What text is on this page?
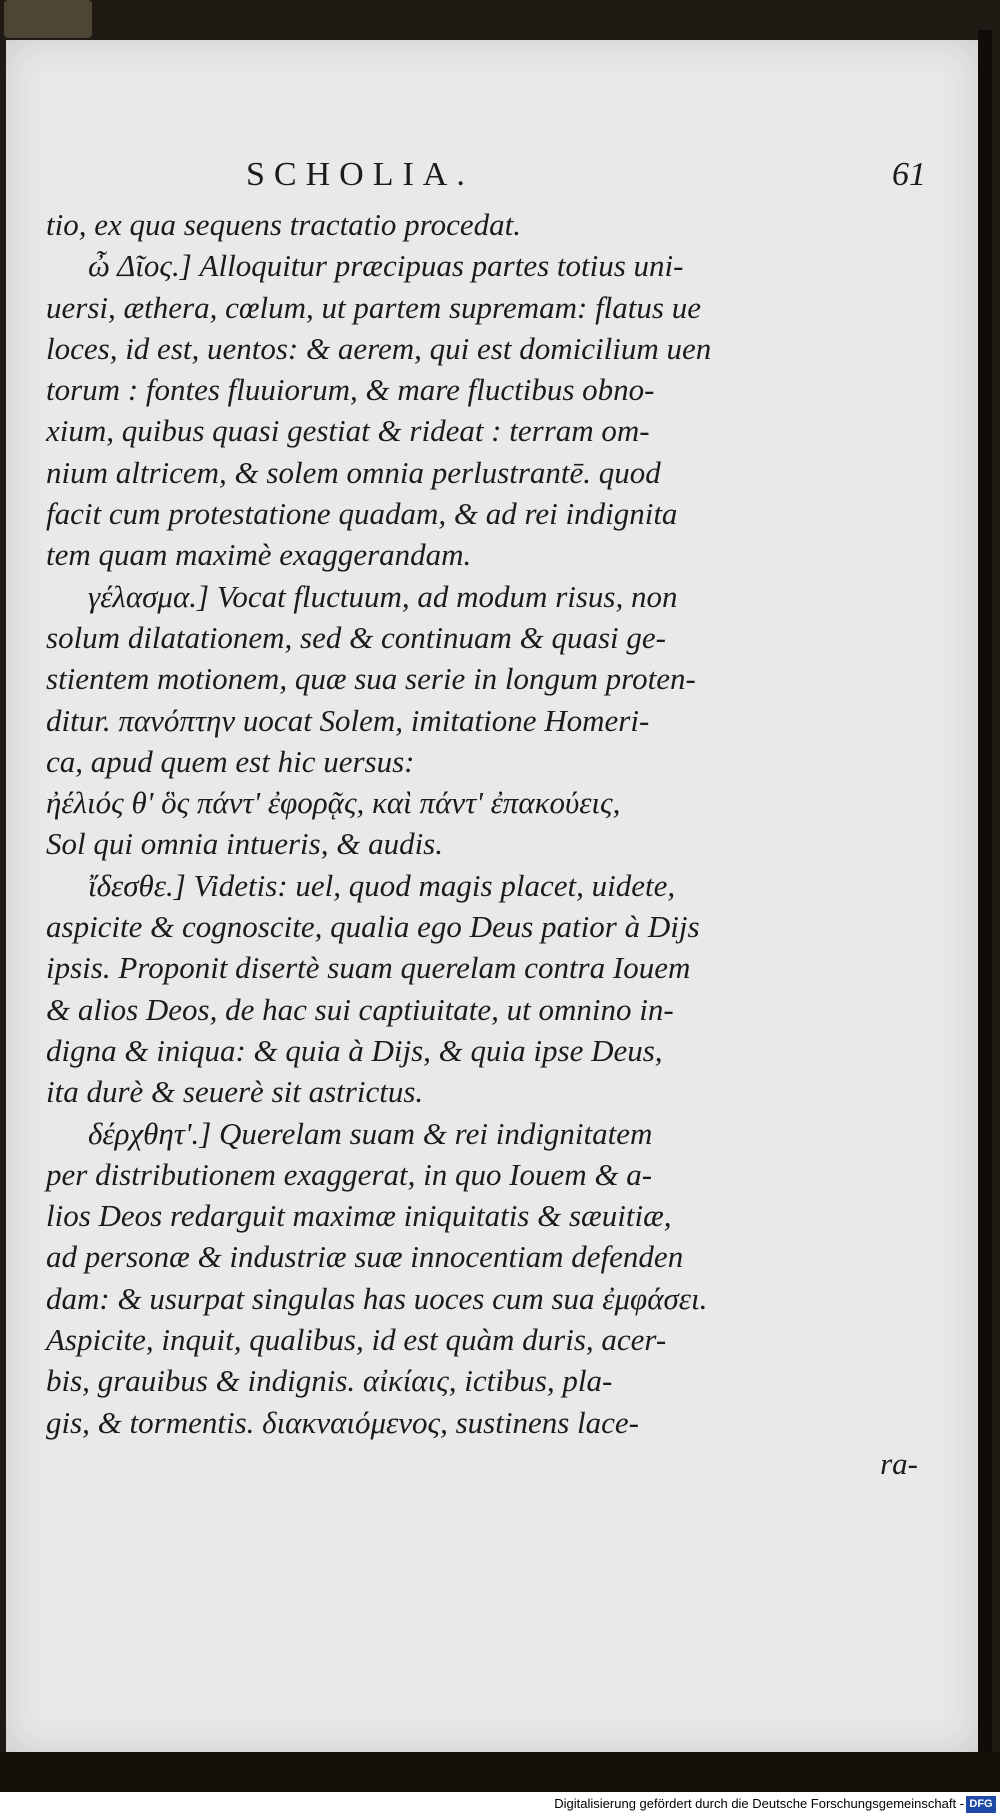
SCHOLIA.	61
tio, ex qua sequens tractatio procedat.
ὦ Δῖος.] Alloquitur præcipuas partes totius uni-
uersi, æthera, cœlum, ut partem supremam: flatus ue
loces, id est, uentos: & aerem, qui est domicilium uen
torum : fontes fluuiorum, & mare fluctibus obno-
xium, quibus quasi gestiat & rideat : terram om-
nium altricem, & solem omnia perlustrantē. quod
facit cum protestatione quadam, & ad rei indignita
tem quam maximè exaggerandam.
γέλασμα.] Vocat fluctuum, ad modum risus, non
solum dilatationem, sed & continuam & quasi ge-
stientem motionem, quæ sua serie in longum proten-
ditur. πανόπτην uocat Solem, imitatione Homeri-
ca, apud quem est hic uersus:
ἠέλιός θ' ὃς πάντ' ἐφορᾷς, καὶ πάντ' ἐπακούεις,
Sol qui omnia intueris, & audis.
ἴδεσθε.] Videtis: uel, quod magis placet, uidete,
aspicite & cognoscite, qualia ego Deus patior à Dijs
ipsis. Proponit disertè suam querelam contra Iouem
& alios Deos, de hac sui captiuitate, ut omnino in-
digna & iniqua: & quia à Dijs, & quia ipse Deus,
ita durè & seuerè sit astrictus.
δέρχθητ'.] Querelam suam & rei indignitatem
per distributionem exaggerat, in quo Iouem & a-
lios Deos redarguit maximæ iniquitatis & sæuitiæ,
ad personæ & industriæ suæ innocentiam defenden
dam: & usurpat singulas has uoces cum sua ἐμφάσει.
Aspicite, inquit, qualibus, id est quàm duris, acer-
bis, grauibus & indignis. αἰκίαις, ictibus, pla-
gis, & tormentis. διακναιόμενος, sustinens lace-
ra-
Digitalisierung gefördert durch die Deutsche Forschungsgemeinschaft - DFG
